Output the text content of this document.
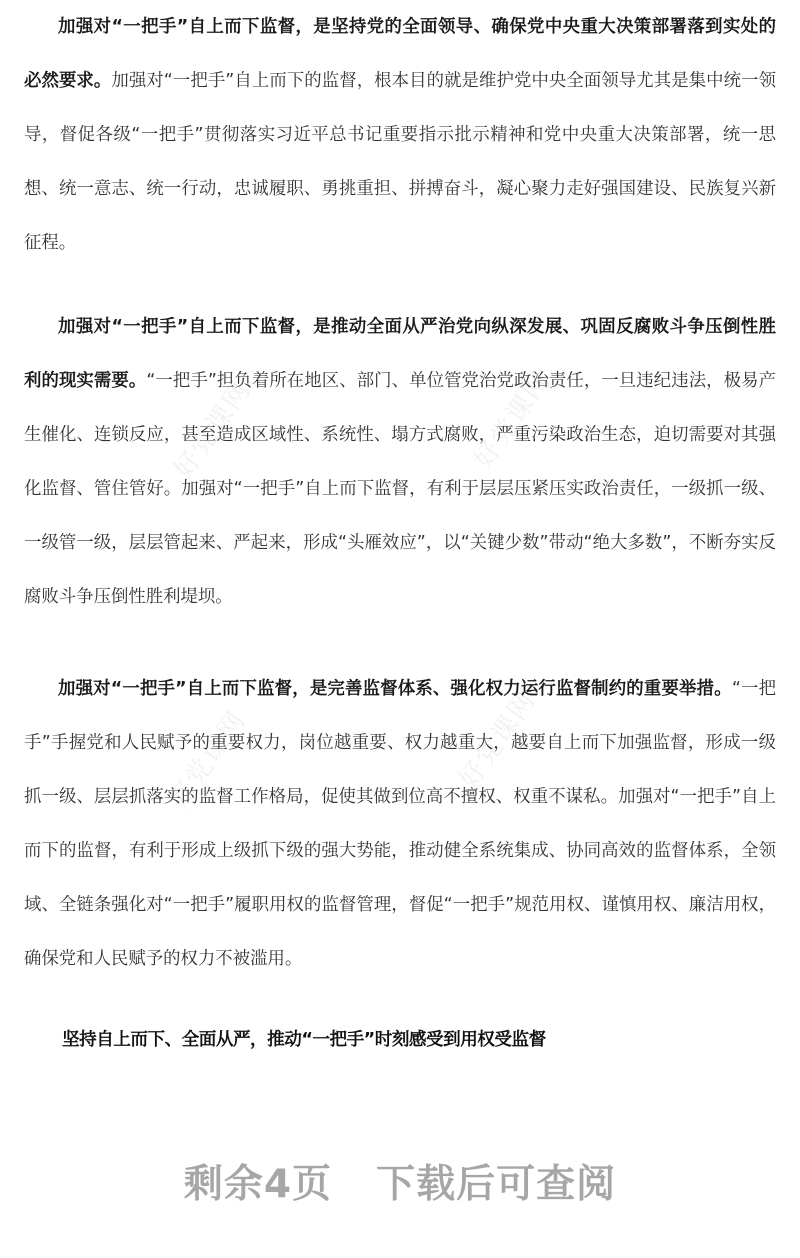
加强对“一把手”自上而下监督，是坚持党的全面领导、确保党中央重大决策部署落到实处的必然要求。加强对“一把手”自上而下的监督，根本目的就是维护党中央全面领导尤其是集中统一领导，督促各级“一把手”贯彻落实习近平总书记重要指示批示精神和党中央重大决策部署，统一思想、统一意志、统一行动，忠诚履职、勇挑重担、拼搏奋斗，凝心聚力走好强国建设、民族复兴新征程。

加强对“一把手”自上而下监督，是推动全面从严治党向纵深发展、巩固反腐败斗争压倒性胜利的现实需要。“一把手”担负着所在地区、部门、单位管党治党政治责任，一旦违纪违法，极易产生催化、连锁反应，甚至造成区域性、系统性、塌方式腐败，严重污染政治生态，迫切需要对其强化监督、管住管好。加强对“一把手”自上而下监督，有利于层层压紧压实政治责任，一级抓一级、一级管一级，层层管起来、严起来，形成“头雁效应”，以“关键少数”带动“绝大多数”，不断夯实反腐败斗争压倒性胜利堤坝。

加强对“一把手”自上而下监督，是完善监督体系、强化权力运行监督制约的重要举措。“一把手”手握党和人民赋予的重要权力，岗位越重要、权力越重大，越要自上而下加强监督，形成一级抓一级、层层抓落实的监督工作格局，促使其做到位高不擅权、权重不谋私。加强对“一把手”自上而下的监督，有利于形成上级抓下级的强大势能，推动健全系统集成、协同高效的监督体系，全领域、全链条强化对“一把手”履职用权的监督管理，督促“一把手”规范用权、谨慎用权、廉洁用权，确保党和人民赋予的权力不被滥用。

坚持自上而下、全面从严，推动“一把手”时刻感受到用权受监督
剩余4页 下载后可查阅
好党课网	好党课网
好党课网	好党课网
